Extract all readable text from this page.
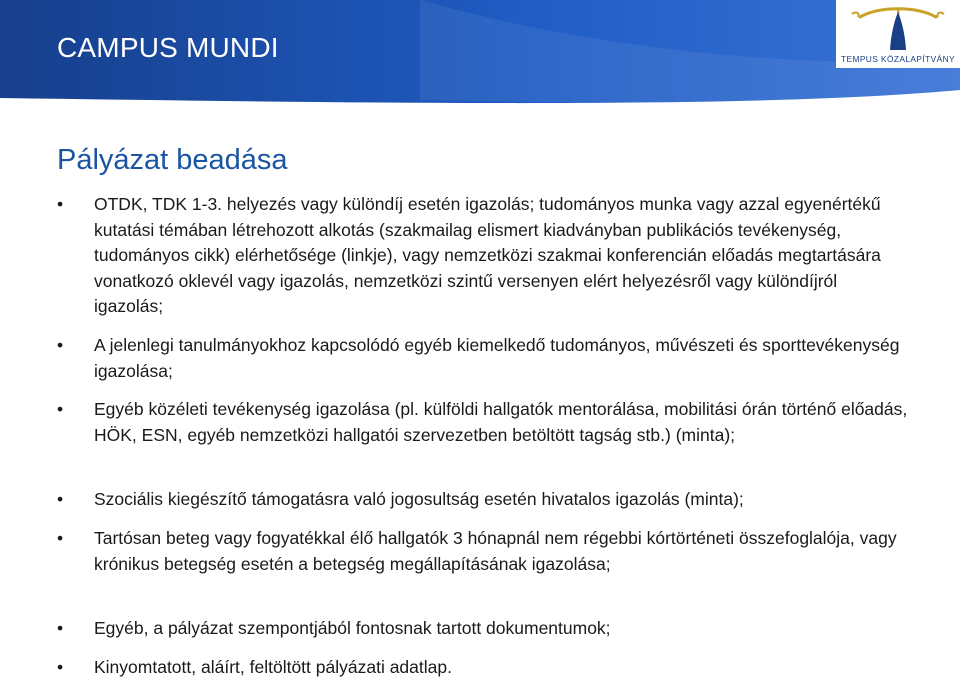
CAMPUS MUNDI	TEMPUS KÖZALAPÍTVÁNY
Pályázat beadása
• OTDK, TDK 1-3. helyezés vagy különdíj esetén igazolás; tudományos munka vagy azzal egyenértékű kutatási témában létrehozott alkotás (szakmailag elismert kiadványban publikációs tevékenység, tudományos cikk) elérhetősége (linkje), vagy nemzetközi szakmai konferencián előadás megtartására vonatkozó oklevél vagy igazolás, nemzetközi szintű versenyen elért helyezésről vagy különdíjról igazolás;
• A jelenlegi tanulmányokhoz kapcsolódó egyéb kiemelkedő tudományos, művészeti és sporttevékenység igazolása;
• Egyéb közéleti tevékenység igazolása (pl. külföldi hallgatók mentorálása, mobilitási órán történő előadás, HÖK, ESN, egyéb nemzetközi hallgatói szervezetben betöltött tagság stb.) (minta);
• Szociális kiegészítő támogatásra való jogosultság esetén hivatalos igazolás (minta);
• Tartósan beteg vagy fogyatékkal élő hallgatók 3 hónapnál nem régebbi kórtörténeti összefoglalója, vagy krónikus betegség esetén a betegség megállapításának igazolása;
• Egyéb, a pályázat szempontjából fontosnak tartott dokumentumok;
• Kinyomtatott, aláírt, feltöltött pályázati adatlap.
